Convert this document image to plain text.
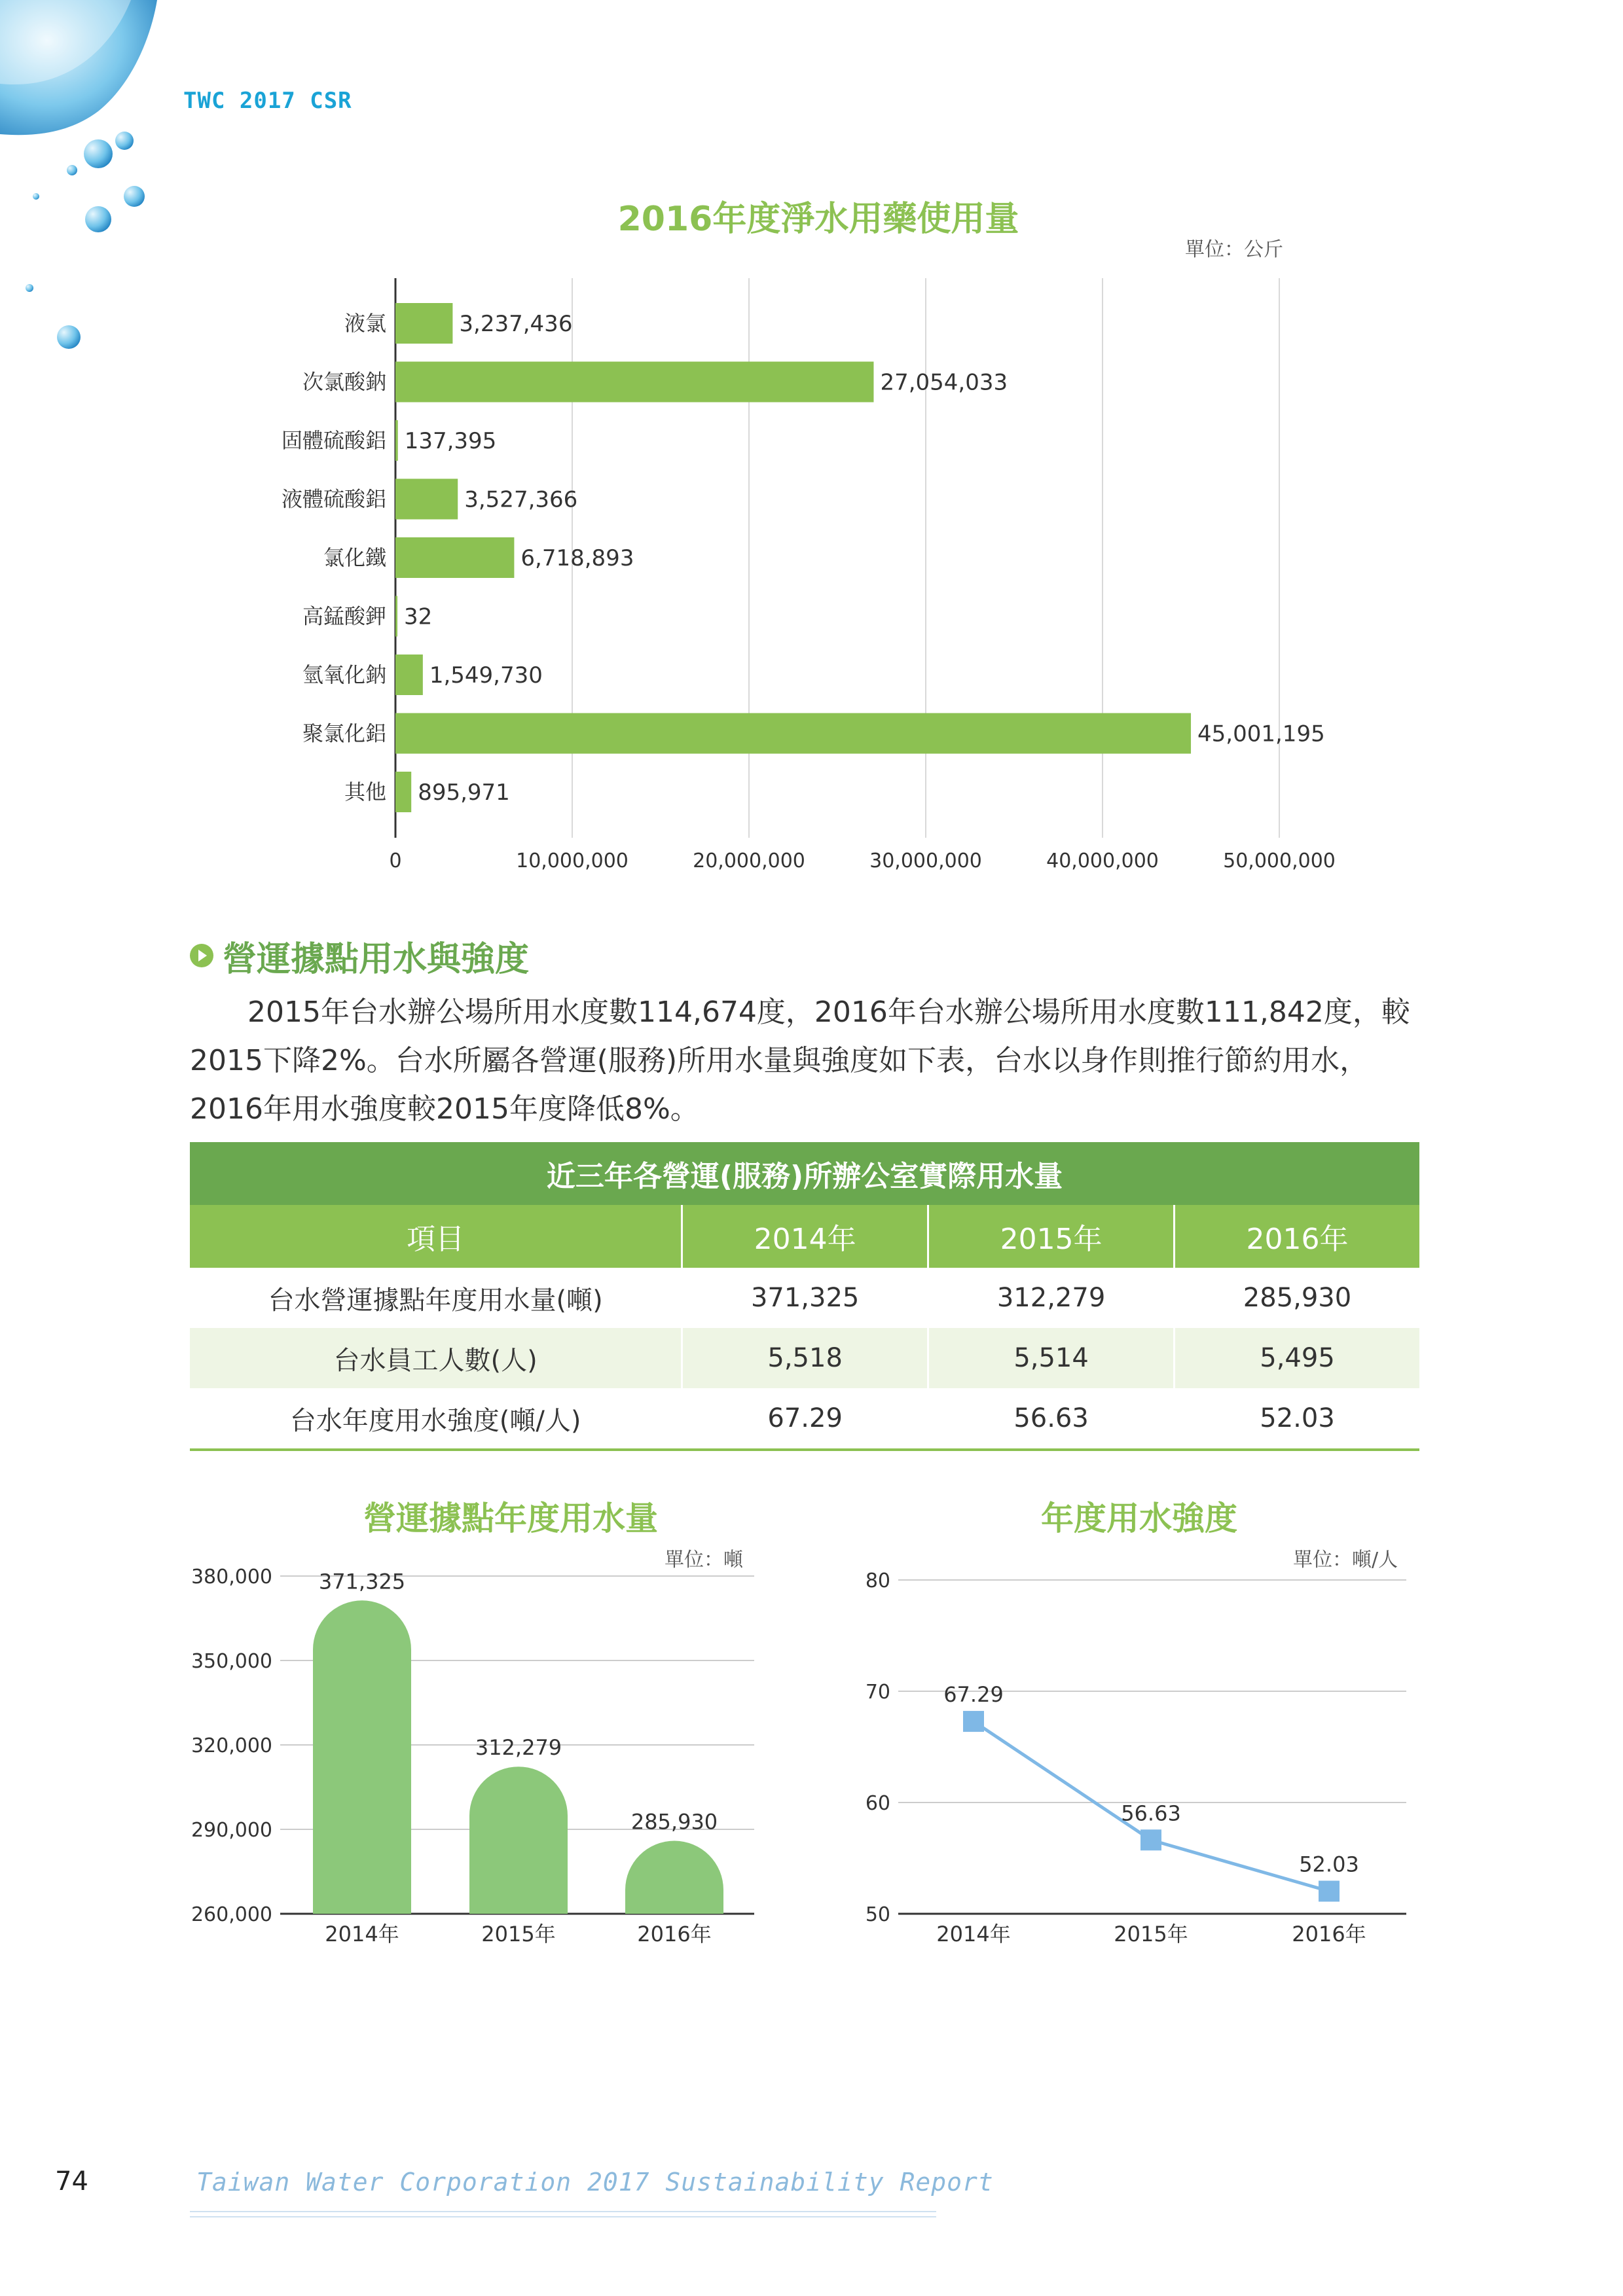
TWC 2017 CSR
2016年度淨水用藥使用量
單位：公斤
0	10,000,000	20,000,000	30,000,000	40,000,000	50,000,000
液氯	3,237,436
次氯酸鈉	27,054,033
固體硫酸鋁 137,395
液體硫酸鋁	3,527,366
氯化鐵	6,718,893
高錳酸鉀 32
氫氧化鈉 1,549,730
聚氯化鋁	45,001,195
其他 895,971
營運據點用水與強度

2015年台水辦公場所用水度數114,674度，2016年台水辦公場所用水度數111,842度，較2015下降2%。台水所屬各營運(服務)所用水量與強度如下表，台水以身作則推行節約用水，2016年用水強度較2015年度降低8%。

近三年各營運(服務)所辦公室實際用水量			
項目	2014年	2015年	2016年
台水營運據點年度用水量(噸)	371,325	312,279	285,930
台水員工人數(人)	5,518	5,514	5,495
台水年度用水強度(噸/人)	67.29	56.63	52.03
營運據點年度用水量
單位：噸
260,000
290,000
320,000
350,000
380,000
2014年
371,325
2015年
312,279
2016年
285,930
年度用水強度
單位：噸/人
50
60
70
80
67.29
2014年
56.63
2015年
52.03
2016年
74	Taiwan Water Corporation 2017 Sustainability Report
